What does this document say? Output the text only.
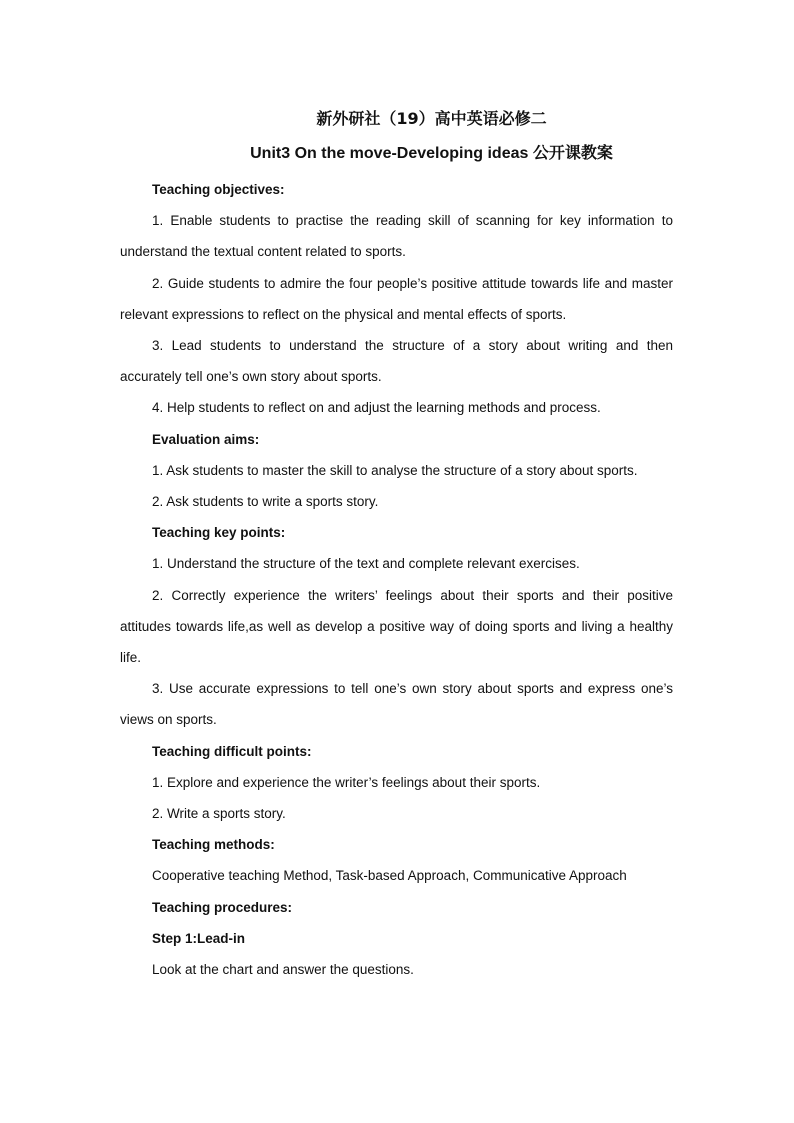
新外研社（19）高中英语必修二
Unit3 On the move-Developing ideas 公开课教案

Teaching objectives:

1. Enable students to practise the reading skill of scanning for key information to understand the textual content related to sports.

2. Guide students to admire the four people’s positive attitude towards life and master relevant expressions to reflect on the physical and mental effects of sports.

3. Lead students to understand the structure of a story about writing and then accurately tell one’s own story about sports.

4. Help students to reflect on and adjust the learning methods and process.

Evaluation aims:

1. Ask students to master the skill to analyse the structure of a story about sports.

2. Ask students to write a sports story.

Teaching key points:

1. Understand the structure of the text and complete relevant exercises.

2. Correctly experience the writers’ feelings about their sports and their positive attitudes towards life,as well as develop a positive way of doing sports and living a healthy life.

3. Use accurate expressions to tell one’s own story about sports and express one’s views on sports.

Teaching difficult points:

1. Explore and experience the writer’s feelings about their sports.

2. Write a sports story.

Teaching methods:

Cooperative teaching Method, Task-based Approach, Communicative Approach

Teaching procedures:

Step 1:Lead-in

Look at the chart and answer the questions.
